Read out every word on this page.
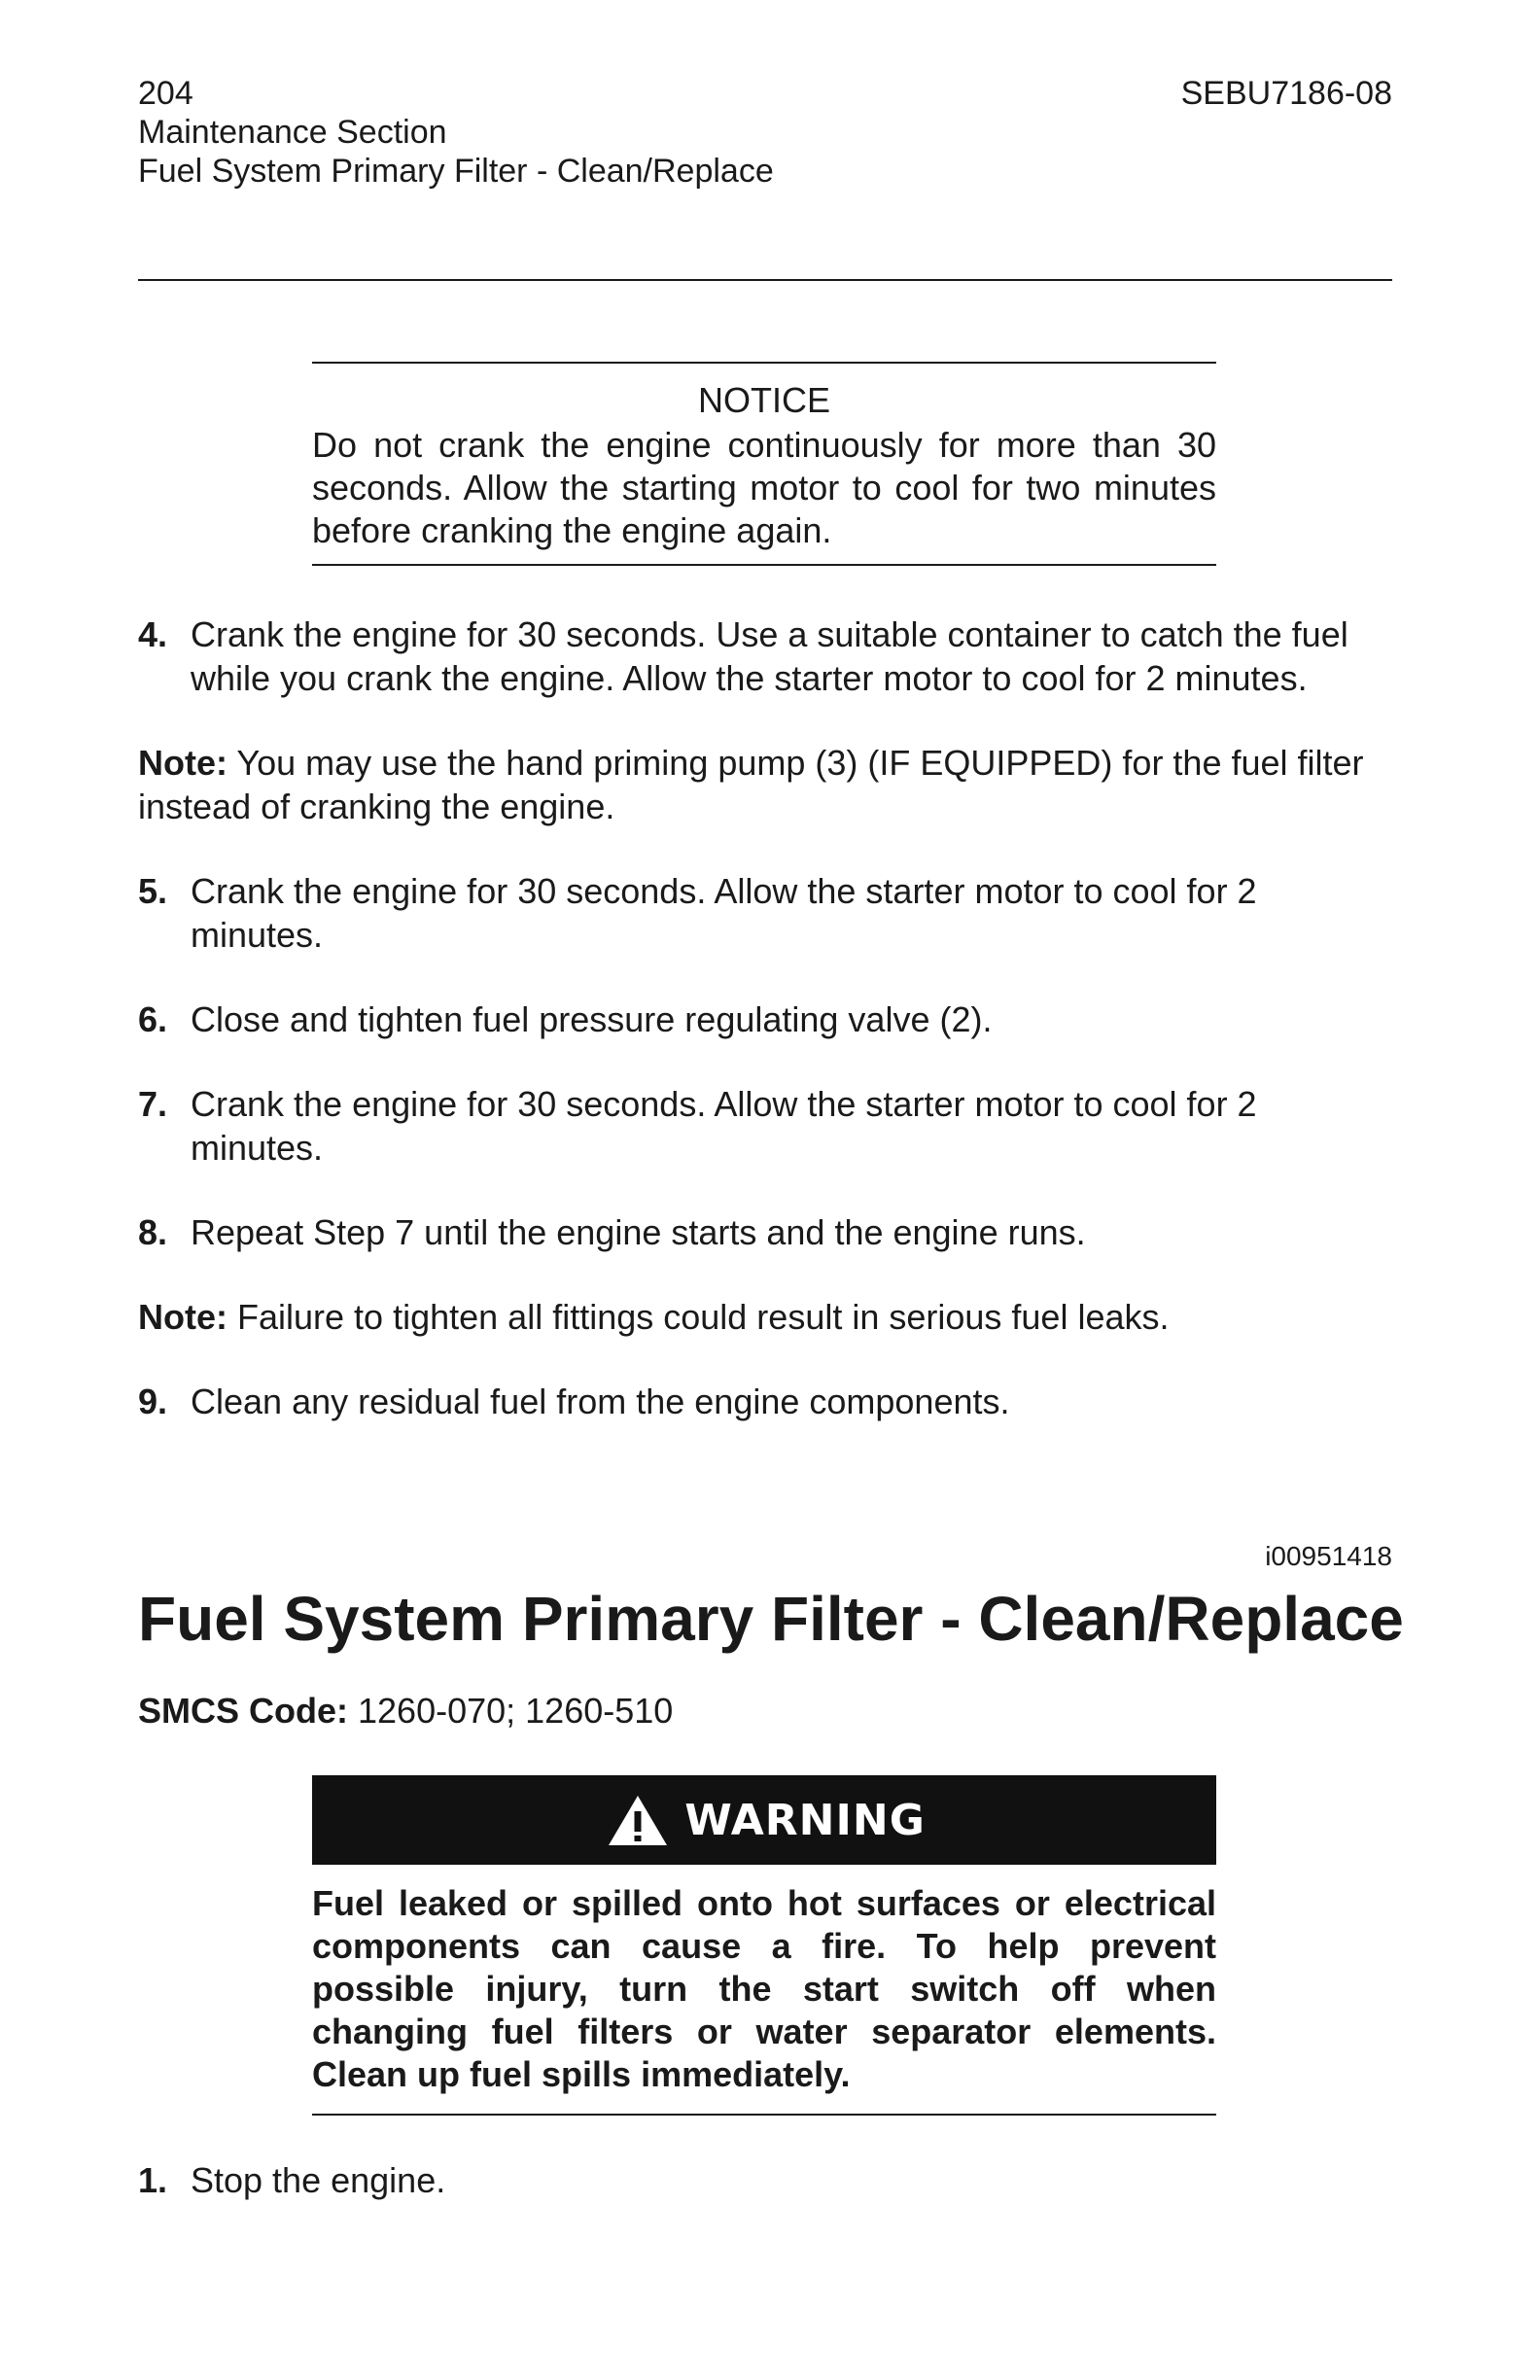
204
Maintenance Section
Fuel System Primary Filter - Clean/Replace
SEBU7186-08
NOTICE
Do not crank the engine continuously for more than 30 seconds. Allow the starting motor to cool for two minutes before cranking the engine again.
4. Crank the engine for 30 seconds. Use a suitable container to catch the fuel while you crank the engine. Allow the starter motor to cool for 2 minutes.
Note: You may use the hand priming pump (3) (IF EQUIPPED) for the fuel filter instead of cranking the engine.
5. Crank the engine for 30 seconds. Allow the starter motor to cool for 2 minutes.
6. Close and tighten fuel pressure regulating valve (2).
7. Crank the engine for 30 seconds. Allow the starter motor to cool for 2 minutes.
8. Repeat Step 7 until the engine starts and the engine runs.
Note: Failure to tighten all fittings could result in serious fuel leaks.
9. Clean any residual fuel from the engine components.
i00951418
Fuel System Primary Filter - Clean/Replace
SMCS Code: 1260-070; 1260-510
WARNING
Fuel leaked or spilled onto hot surfaces or electrical components can cause a fire. To help prevent possible injury, turn the start switch off when changing fuel filters or water separator elements. Clean up fuel spills immediately.
1. Stop the engine.
